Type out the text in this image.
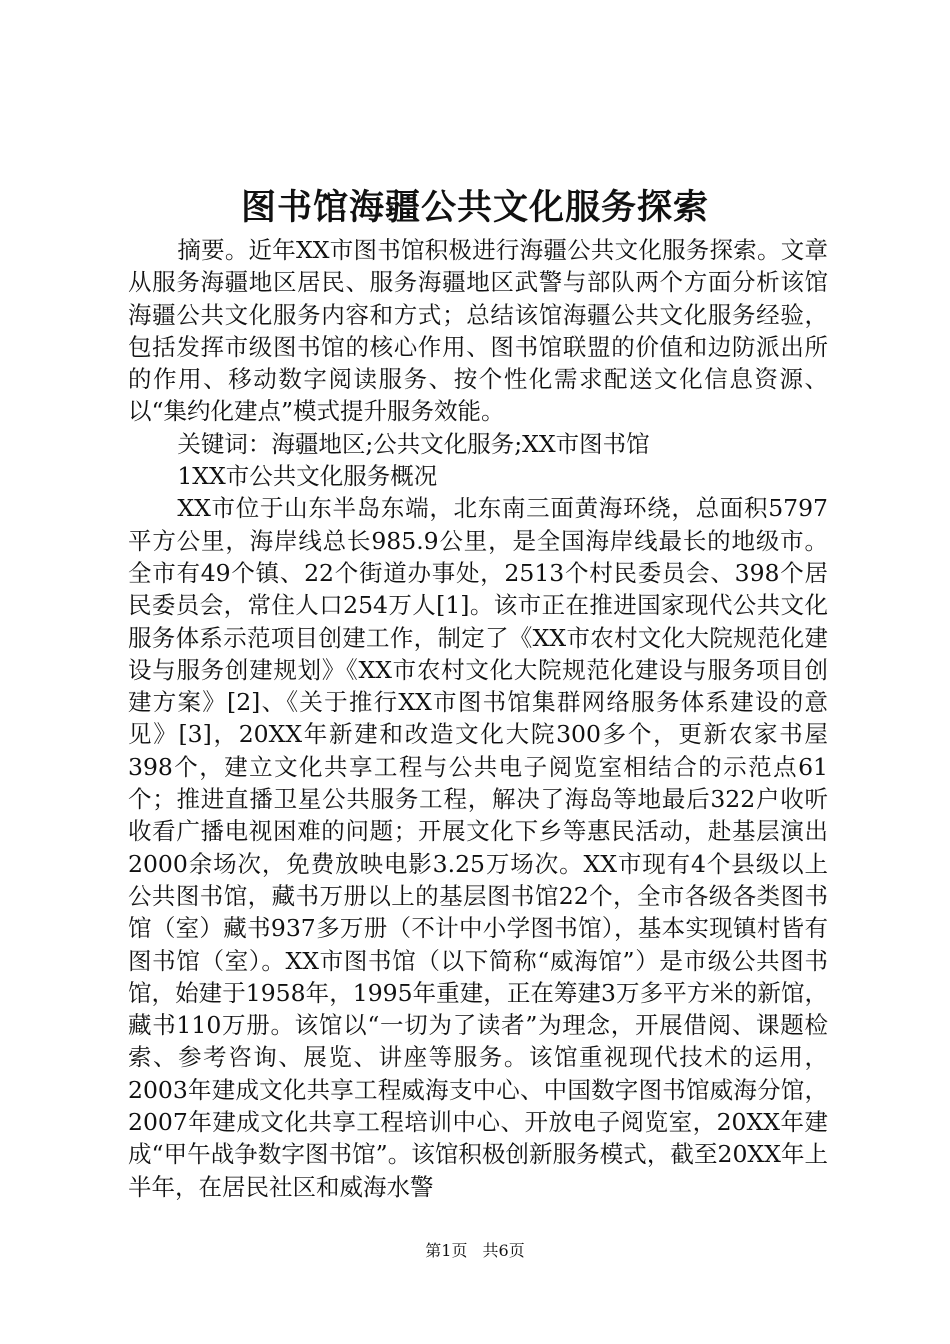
图书馆海疆公共文化服务探索

摘要。近年XX市图书馆积极进行海疆公共文化服务探索。文章从服务海疆地区居民、服务海疆地区武警与部队两个方面分析该馆海疆公共文化服务内容和方式；总结该馆海疆公共文化服务经验，包括发挥市级图书馆的核心作用、图书馆联盟的价值和边防派出所的作用、移动数字阅读服务、按个性化需求配送文化信息资源、以“集约化建点”模式提升服务效能。

关键词：海疆地区;公共文化服务;XX市图书馆

1XX市公共文化服务概况

XX市位于山东半岛东端，北东南三面黄海环绕，总面积5797平方公里，海岸线总长985.9公里，是全国海岸线最长的地级市。全市有49个镇、22个街道办事处，2513个村民委员会、398个居民委员会，常住人口254万人[1]。该市正在推进国家现代公共文化服务体系示范项目创建工作，制定了《XX市农村文化大院规范化建设与服务创建规划》《XX市农村文化大院规范化建设与服务项目创建方案》[2]、《关于推行XX市图书馆集群网络服务体系建设的意见》[3]，20XX年新建和改造文化大院300多个，更新农家书屋398个，建立文化共享工程与公共电子阅览室相结合的示范点61个；推进直播卫星公共服务工程，解决了海岛等地最后322户收听收看广播电视困难的问题；开展文化下乡等惠民活动，赴基层演出2000余场次，免费放映电影3.25万场次。XX市现有4个县级以上公共图书馆，藏书万册以上的基层图书馆22个，全市各级各类图书馆（室）藏书937多万册（不计中小学图书馆），基本实现镇村皆有图书馆（室）。XX市图书馆（以下简称“威海馆”）是市级公共图书馆，始建于1958年，1995年重建，正在筹建3万多平方米的新馆，藏书110万册。该馆以“一切为了读者”为理念，开展借阅、课题检索、参考咨询、展览、讲座等服务。该馆重视现代技术的运用，2003年建成文化共享工程威海支中心、中国数字图书馆威海分馆，2007年建成文化共享工程培训中心、开放电子阅览室，20XX年建成“甲午战争数字图书馆”。该馆积极创新服务模式，截至20XX年上半年，在居民社区和威海水警

第1页 共6页
